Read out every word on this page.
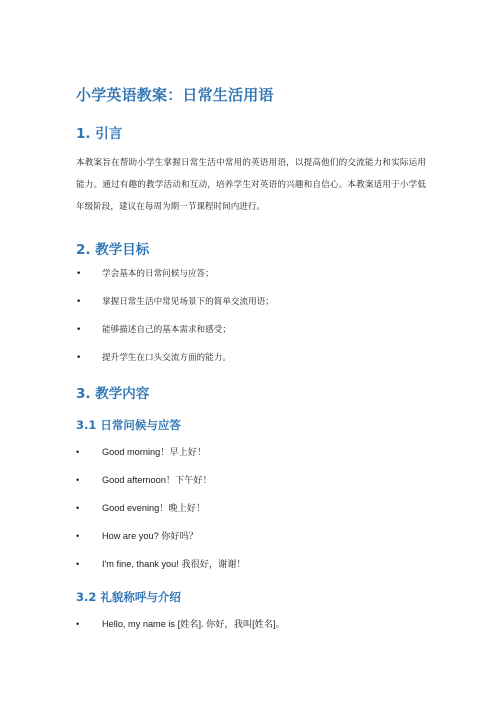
小学英语教案：日常生活用语
1. 引言

本教案旨在帮助小学生掌握日常生活中常用的英语用语，以提高他们的交流能力和实际运用能力。通过有趣的教学活动和互动，培养学生对英语的兴趣和自信心。本教案适用于小学低年级阶段，建议在每周为期一节课程时间内进行。

2. 教学目标
• 学会基本的日常问候与应答；
• 掌握日常生活中常见场景下的简单交流用语；
• 能够描述自己的基本需求和感受；
• 提升学生在口头交流方面的能力。
3. 教学内容
3.1 日常问候与应答
• Good morning！早上好！
• Good afternoon！下午好！
• Good evening！晚上好！
• How are you? 你好吗？
• I'm fine, thank you! 我很好，谢谢！
3.2 礼貌称呼与介绍
• Hello, my name is [姓名]. 你好，我叫[姓名]。
